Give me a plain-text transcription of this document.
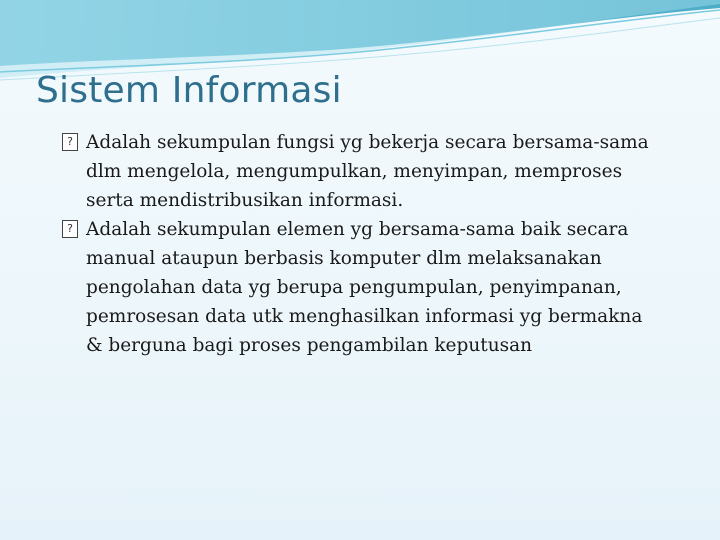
Sistem Informasi

? Adalah sekumpulan fungsi yg bekerja secara bersama-sama dlm mengelola, mengumpulkan, menyimpan, memproses serta mendistribusikan informasi.

? Adalah sekumpulan elemen yg bersama-sama baik secara manual ataupun berbasis komputer dlm melaksanakan pengolahan data yg berupa pengumpulan, penyimpanan, pemrosesan data utk menghasilkan informasi yg bermakna & berguna bagi proses pengambilan keputusan
